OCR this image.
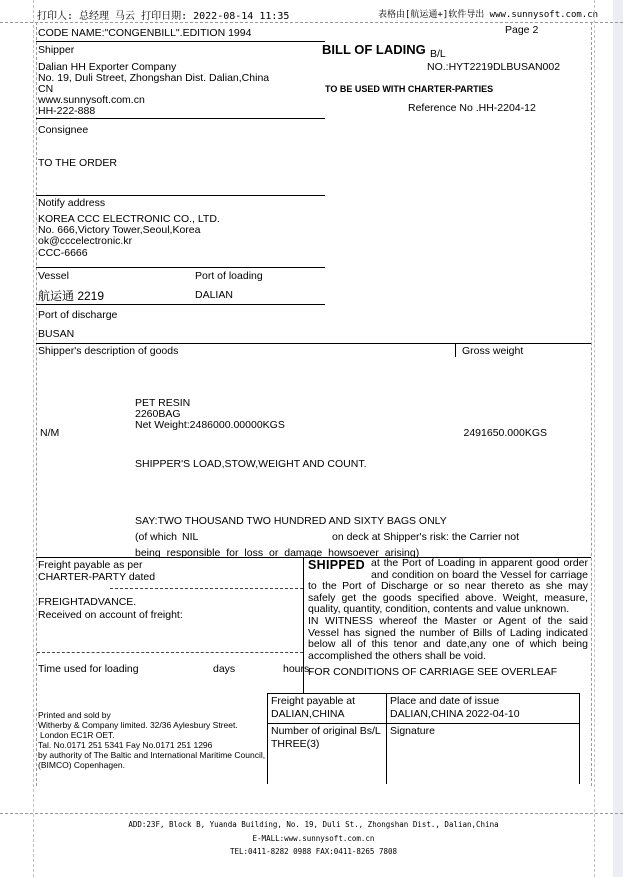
打印人: 总经理 马云 打印日期: 2022-08-14 11:35	表格由[航运通+]软件导出 www.sunnysoft.com.cn
Page 2
CODE NAME:"CONGENBILL".EDITION 1994
Shipper
Dalian HH Exporter Company
No. 19, Duli Street, Zhongshan Dist. Dalian,China
CN
www.sunnysoft.com.cn
HH-222-888
BILL OF LADING B/L
NO.:HYT2219DLBUSAN002
TO BE USED WITH CHARTER-PARTIES
Reference No .HH-2204-12
Consignee
TO THE ORDER
Notify address
KOREA CCC ELECTRONIC CO., LTD.
No. 666,Victory Tower,Seoul,Korea
ok@cccelectronic.kr
CCC-6666
Vessel	Port of loading
航运通 2219	DALIAN
Port of discharge
BUSAN
Shipper's description of goods	Gross weight
PET RESIN
2260BAG
Net Weight:2486000.00000KGS
N/M	2491650.000KGS
SHIPPER'S LOAD,STOW,WEIGHT AND COUNT.
SAY:TWO THOUSAND TWO HUNDRED AND SIXTY BAGS ONLY
(of which NIL	on deck at Shipper's risk: the Carrier not
being responsible for loss or damage howsoever arising)
Freight payable as per
CHARTER-PARTY dated
FREIGHTADVANCE.
Received on account of freight:
Time used for loading	days	hours.
SHIPPED at the Port of Loading in apparent good order and condition on board the Vessel for carriage to the Port of Discharge or so near thereto as she may safely get the goods specified above. Weight, measure, quality, quantity, condition, contents and value unknown.
IN WITNESS whereof the Master or Agent of the said Vessel has signed the number of Bills of Lading indicated below all of this tenor and date,any one of which being accomplished the others shall be void.
FOR CONDITIONS OF CARRIAGE SEE OVERLEAF
Printed and sold by
Witherby & Company limited. 32/36 Aylesbury Street.
London EC1R OET.
Tal. No.0171 251 5341 Fay No.0171 251 1296
by authority of The Baltic and International Maritime Council,
(BIMCO) Copenhagen.
Freight payable at
DALIAN,CHINA
Place and date of issue
DALIAN,CHINA 2022-04-10
Number of original Bs/L
THREE(3)
Signature
ADD:23F, Block B, Yuanda Building, No. 19, Duli St., Zhongshan Dist., Dalian,China
E-MALL:www.sunnysoft.com.cn
TEL:0411-8282 0988 FAX:0411-8265 7808
